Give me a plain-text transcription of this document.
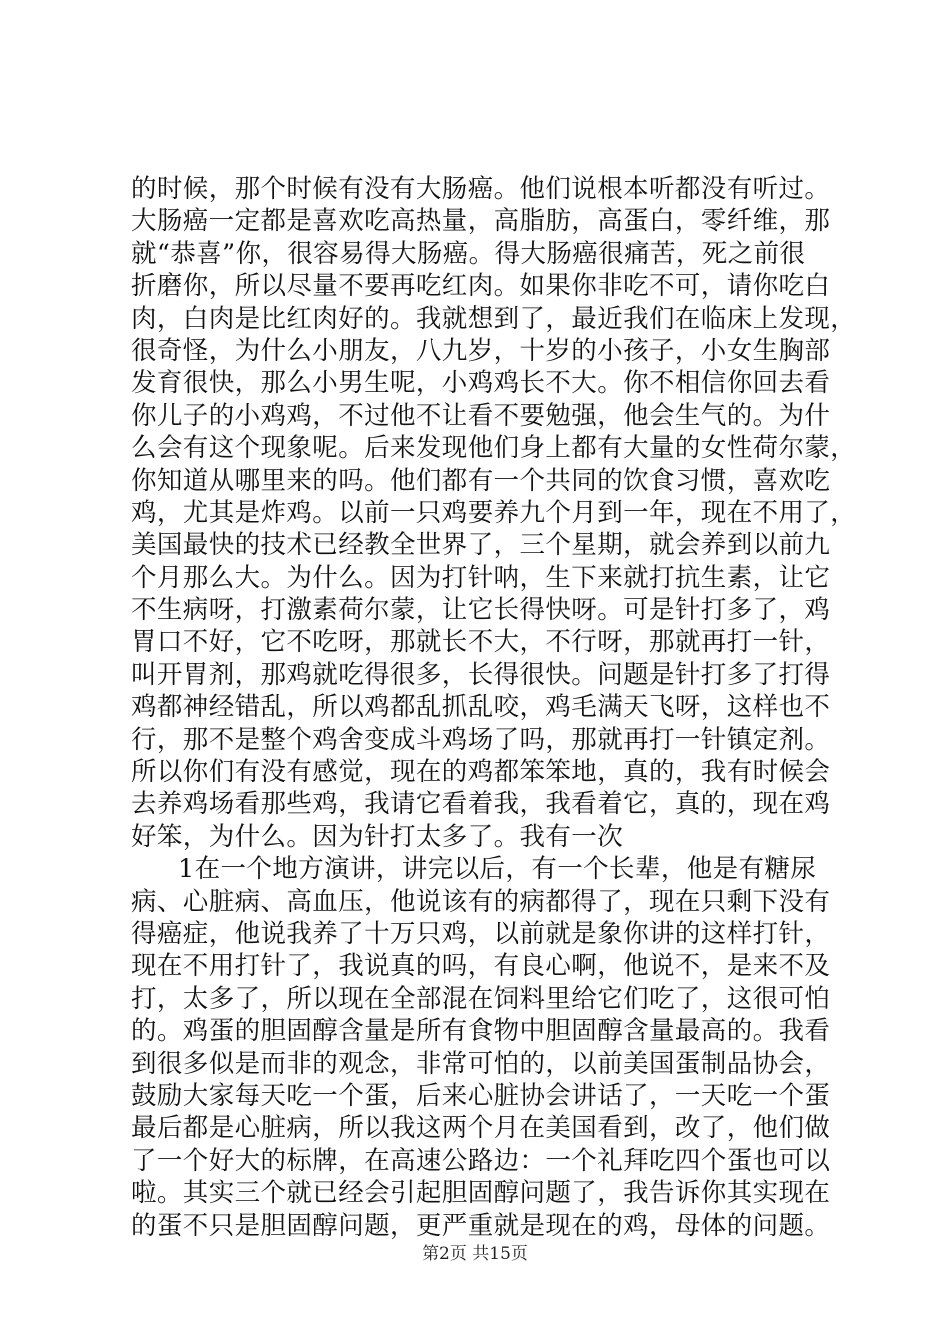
的时候，那个时候有没有大肠癌。他们说根本听都没有听过。
大肠癌一定都是喜欢吃高热量，高脂肪，高蛋白，零纤维，那
就“恭喜”你，很容易得大肠癌。得大肠癌很痛苦，死之前很
折磨你，所以尽量不要再吃红肉。如果你非吃不可，请你吃白
肉，白肉是比红肉好的。我就想到了，最近我们在临床上发现，
很奇怪，为什么小朋友，八九岁，十岁的小孩子，小女生胸部
发育很快，那么小男生呢，小鸡鸡长不大。你不相信你回去看
你儿子的小鸡鸡，不过他不让看不要勉强，他会生气的。为什
么会有这个现象呢。后来发现他们身上都有大量的女性荷尔蒙，
你知道从哪里来的吗。他们都有一个共同的饮食习惯，喜欢吃
鸡，尤其是炸鸡。以前一只鸡要养九个月到一年，现在不用了，
美国最快的技术已经教全世界了，三个星期，就会养到以前九
个月那么大。为什么。因为打针呐，生下来就打抗生素，让它
不生病呀，打激素荷尔蒙，让它长得快呀。可是针打多了，鸡
胃口不好，它不吃呀，那就长不大，不行呀，那就再打一针，
叫开胃剂，那鸡就吃得很多，长得很快。问题是针打多了打得
鸡都神经错乱，所以鸡都乱抓乱咬，鸡毛满天飞呀，这样也不
行，那不是整个鸡舍变成斗鸡场了吗，那就再打一针镇定剂。
所以你们有没有感觉，现在的鸡都笨笨地，真的，我有时候会
去养鸡场看那些鸡，我请它看着我，我看着它，真的，现在鸡
好笨，为什么。因为针打太多了。我有一次
1在一个地方演讲，讲完以后，有一个长辈，他是有糖尿
病、心脏病、高血压，他说该有的病都得了，现在只剩下没有
得癌症，他说我养了十万只鸡，以前就是象你讲的这样打针，
现在不用打针了，我说真的吗，有良心啊，他说不，是来不及
打，太多了，所以现在全部混在饲料里给它们吃了，这很可怕
的。鸡蛋的胆固醇含量是所有食物中胆固醇含量最高的。我看
到很多似是而非的观念，非常可怕的，以前美国蛋制品协会，
鼓励大家每天吃一个蛋，后来心脏协会讲话了，一天吃一个蛋
最后都是心脏病，所以我这两个月在美国看到，改了，他们做
了一个好大的标牌，在高速公路边：一个礼拜吃四个蛋也可以
啦。其实三个就已经会引起胆固醇问题了，我告诉你其实现在
的蛋不只是胆固醇问题，更严重就是现在的鸡，母体的问题。
第2页 共15页
